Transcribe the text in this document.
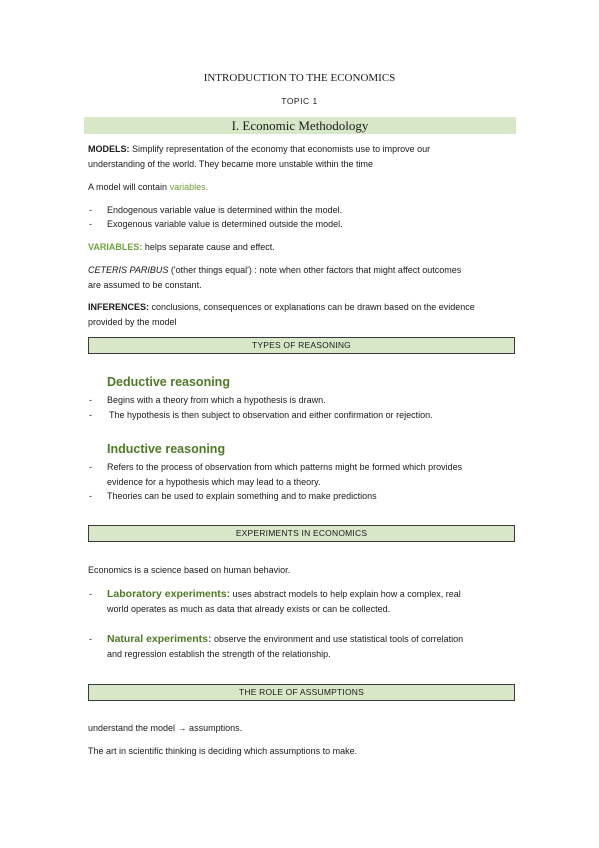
INTRODUCTION TO THE ECONOMICS
TOPIC 1
I. Economic Methodology
MODELS: Simplify representation of the economy that economists use to improve our
understanding of the world. They became more unstable within the time
A model will contain variables.
- Endogenous variable value is determined within the model.
- Exogenous variable value is determined outside the model.
VARIABLES: helps separate cause and effect.
CETERIS PARIBUS ('other things equal') : note when other factors that might affect outcomes
are assumed to be constant.
INFERENCES: conclusions, consequences or explanations can be drawn based on the evidence
provided by the model
TYPES OF REASONING
Deductive reasoning
- Begins with a theory from which a hypothesis is drawn.
- The hypothesis is then subject to observation and either confirmation or rejection.
Inductive reasoning
- Refers to the process of observation from which patterns might be formed which provides
evidence for a hypothesis which may lead to a theory.
- Theories can be used to explain something and to make predictions
EXPERIMENTS IN ECONOMICS
Economics is a science based on human behavior.
- Laboratory experiments: uses abstract models to help explain how a complex, real
world operates as much as data that already exists or can be collected.
- Natural experiments: observe the environment and use statistical tools of correlation
and regression establish the strength of the relationship.
THE ROLE OF ASSUMPTIONS
understand the model → assumptions.
The art in scientific thinking is deciding which assumptions to make.
